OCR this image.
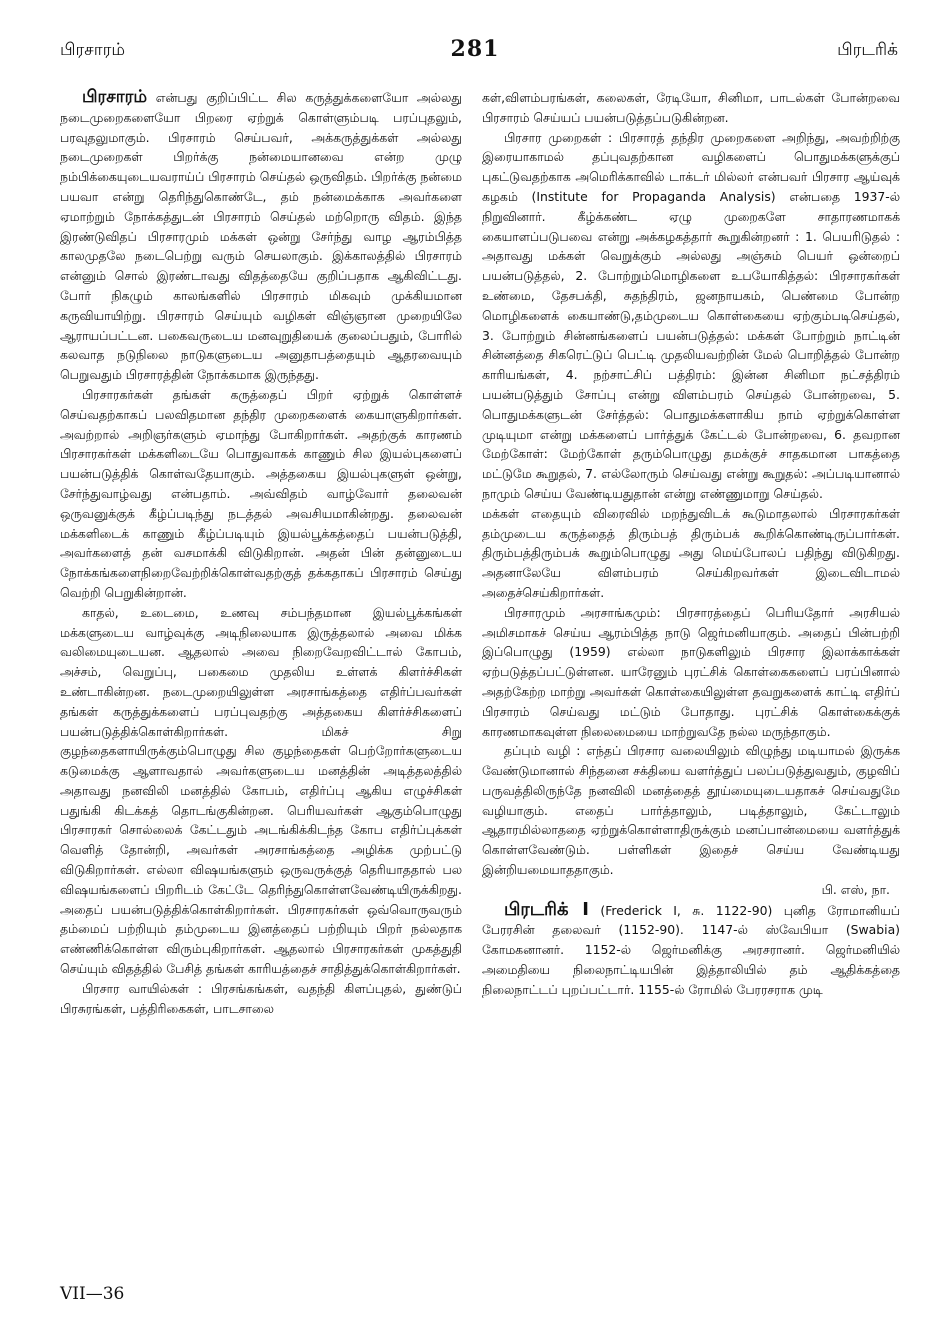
பிரசாரம்	281	பிரடரிக்

பிரசாரம் என்பது குறிப்பிட்ட சில கருத்துக்களையோ அல்லது நடைமுறைகளையோ பிறரை ஏற்றுக் கொள்ளும்படி பரப்புதலும், பரவுதலுமாகும். பிரசாரம் செய்பவர், அக்கருத்துக்கள் அல்லது நடைமுறைகள் பிறர்க்கு நன்மையானவை என்ற முழு நம்பிக்கையுடையவராய்ப் பிரசாரம் செய்தல் ஒருவிதம். பிறர்க்கு நன்மை பயவா என்று தெரிந்துகொண்டே, தம் நன்மைக்காக அவர்களை ஏமாற்றும் நோக்கத்துடன் பிரசாரம் செய்தல் மற்றொரு விதம். இந்த இரண்டுவிதப் பிரசாரமும் மக்கள் ஒன்று சேர்ந்து வாழ ஆரம்பித்த காலமுதலே நடைபெற்று வரும் செயலாகும். இக்காலத்தில் பிரசாரம் என்னும் சொல் இரண்டாவது விதத்தையே குறிப்பதாக ஆகிவிட்டது. போர் நிகழும் காலங்களில் பிரசாரம் மிகவும் முக்கியமான கருவியாயிற்று. பிரசாரம் செய்யும் வழிகள் விஞ்ஞான முறையிலே ஆராயப்பட்டன. பகைவருடைய மனவுறுதியைக் குலைப்பதும், போரில் கலவாத நடுநிலை நாடுகளுடைய அனுதாபத்தையும் ஆதரவையும் பெறுவதும் பிரசாரத்தின் நோக்கமாக இருந்தது.

பிரசாரகர்கள் தங்கள் கருத்தைப் பிறர் ஏற்றுக் கொள்ளச் செய்வதற்காகப் பலவிதமான தந்திர முறைகளைக் கையாளுகிறார்கள். அவற்றால் அறிஞர்களும் ஏமாந்து போகிறார்கள். அதற்குக் காரணம் பிரசாரகர்கள் மக்களிடையே பொதுவாகக் காணும் சில இயல்புகளைப் பயன்படுத்திக் கொள்வதேயாகும். அத்தகைய இயல்புகளுள் ஒன்று, சேர்ந்துவாழ்வது என்பதாம். அவ்விதம் வாழ்வோர் தலைவன் ஒருவனுக்குக் கீழ்ப்படிந்து நடத்தல் அவசியமாகின்றது. தலைவன் மக்களிடைக் காணும் கீழ்ப்படியும் இயல்பூக்கத்தைப் பயன்படுத்தி, அவர்களைத் தன் வசமாக்கி விடுகிறான். அதன் பின் தன்னுடைய நோக்கங்களைநிறைவேற்றிக்கொள்வதற்குத் தக்கதாகப் பிரசாரம் செய்து வெற்றி பெறுகின்றான்.

காதல், உடைமை, உணவு சம்பந்தமான இயல்பூக்கங்கள் மக்களுடைய வாழ்வுக்கு அடிநிலையாக இருத்தலால் அவை மிக்க வலிமையுடையன. ஆதலால் அவை நிறைவேறவிட்டால் கோபம், அச்சம், வெறுப்பு, பகைமை முதலிய உள்ளக் கிளர்ச்சிகள் உண்டாகின்றன. நடைமுறையிலுள்ள அரசாங்கத்தை எதிர்ப்பவர்கள் தங்கள் கருத்துக்களைப் பரப்புவதற்கு அத்தகைய கிளர்ச்சிகளைப் பயன்படுத்திக்கொள்கிறார்கள். மிகச் சிறு குழந்தைகளாயிருக்கும்பொழுது சில குழந்தைகள் பெற்றோர்களுடைய கடுமைக்கு ஆளாவதால் அவர்களுடைய மனத்தின் அடித்தலத்தில் அதாவது நனவிலி மனத்தில் கோபம், எதிர்ப்பு ஆகிய எழுச்சிகள் பதுங்கி கிடக்கத் தொடங்குகின்றன. பெரியவர்கள் ஆகும்பொழுது பிரசாரகர் சொல்லைக் கேட்டதும் அடங்கிக்கிடந்த கோப எதிர்ப்புக்கள் வெளித் தோன்றி, அவர்கள் அரசாங்கத்தை அழிக்க முற்பட்டு விடுகிறார்கள். எல்லா விஷயங்களும் ஒருவருக்குத் தெரியாததால் பல விஷயங்களைப் பிறரிடம் கேட்டே தெரிந்துகொள்ளவேண்டியிருக்கிறது. அதைப் பயன்படுத்திக்கொள்கிறார்கள். பிரசாரகர்கள் ஒவ்வொருவரும் தம்மைப் பற்றியும் தம்முடைய இனத்தைப் பற்றியும் பிறர் நல்லதாக எண்ணிக்கொள்ள விரும்புகிறார்கள். ஆதலால் பிரசாரகர்கள் முகத்துதி செய்யும் விதத்தில் பேசித் தங்கள் காரியத்தைச் சாதித்துக்கொள்கிறார்கள்.

பிரசார வாயில்கள் : பிரசங்கங்கள், வதந்தி கிளப்புதல், துண்டுப் பிரசுரங்கள், பத்திரிகைகள், பாடசாலை

கள்,விளம்பரங்கள், கலைகள், ரேடியோ, சினிமா, பாடல்கள் போன்றவை பிரசாரம் செய்யப் பயன்படுத்தப்படுகின்றன.

பிரசார முறைகள் : பிரசாரத் தந்திர முறைகளை அறிந்து, அவற்றிற்கு இரையாகாமல் தப்புவதற்கான வழிகளைப் பொதுமக்களுக்குப் புகட்டுவதற்காக அமெரிக்காவில் டாக்டர் மில்லர் என்பவர் பிரசார ஆய்வுக் கழகம் (Institute for Propaganda Analysis) என்பதை 1937-ல் நிறுவினார். கீழ்க்கண்ட ஏழு முறைகளே சாதாரணமாகக் கையாளப்படுபவை என்று அக்கழகத்தார் கூறுகின்றனர் : 1. பெயரிடுதல் : அதாவது மக்கள் வெறுக்கும் அல்லது அஞ்சும் பெயர் ஒன்றைப் பயன்படுத்தல், 2. போற்றும்மொழிகளை உபயோகித்தல்: பிரசாரகர்கள் உண்மை, தேசபக்தி, சுதந்திரம், ஜனநாயகம், பெண்மை போன்ற மொழிகளைக் கையாண்டு,தம்முடைய கொள்கையை ஏற்கும்படிசெய்தல், 3. போற்றும் சின்னங்களைப் பயன்படுத்தல்: மக்கள் போற்றும் நாட்டின் சின்னத்தை சிகரெட்டுப் பெட்டி முதலியவற்றின் மேல் பொறித்தல் போன்ற காரியங்கள், 4. நற்சாட்சிப் பத்திரம்: இன்ன சினிமா நட்சத்திரம் பயன்படுத்தும் சோப்பு என்று விளம்பரம் செய்தல் போன்றவை, 5. பொதுமக்களுடன் சேர்த்தல்: பொதுமக்களாகிய நாம் ஏற்றுக்கொள்ள முடியுமா என்று மக்களைப் பார்த்துக் கேட்டல் போன்றவை, 6. தவறான மேற்கோள்: மேற்கோள் தரும்பொழுது தமக்குச் சாதகமான பாகத்தை மட்டுமே கூறுதல், 7. எல்லோரும் செய்வது என்று கூறுதல்: அப்படியானால் நாமும் செய்ய வேண்டியதுதான் என்று எண்ணுமாறு செய்தல்.

மக்கள் எதையும் விரைவில் மறந்துவிடக் கூடுமாதலால் பிரசாரகர்கள் தம்முடைய கருத்தைத் திரும்பத் திரும்பக் கூறிக்கொண்டிருப்பார்கள். திரும்பத்திரும்பக் கூறும்பொழுது அது மெய்போலப் பதிந்து விடுகிறது. அதனாலேயே விளம்பரம் செய்கிறவர்கள் இடைவிடாமல் அதைச்செய்கிறார்கள்.

பிரசாரமும் அரசாங்கமும்: பிரசாரத்தைப் பெரியதோர் அரசியல் அமிசமாகச் செய்ய ஆரம்பித்த நாடு ஜெர்மனியாகும். அதைப் பின்பற்றி இப்பொழுது (1959) எல்லா நாடுகளிலும் பிரசார இலாக்காக்கள் ஏற்படுத்தப்பட்டுள்ளன. யாரேனும் புரட்சிக் கொள்கைகளைப் பரப்பினால் அதற்கேற்ற மாற்று அவர்கள் கொள்கையிலுள்ள தவறுகளைக் காட்டி எதிர்ப் பிரசாரம் செய்வது மட்டும் போதாது. புரட்சிக் கொள்கைக்குக் காரணமாகவுள்ள நிலைமையை மாற்றுவதே நல்ல மருந்தாகும்.

தப்பும் வழி : எந்தப் பிரசார வலையிலும் விழுந்து மடியாமல் இருக்க வேண்டுமானால் சிந்தனை சக்தியை வளர்த்துப் பலப்படுத்துவதும், குழவிப் பருவத்திலிருந்தே நனவிலி மனத்தைத் தூய்மையுடையதாகச் செய்வதுமே வழியாகும். எதைப் பார்த்தாலும், படித்தாலும், கேட்டாலும் ஆதாரமில்லாததை ஏற்றுக்கொள்ளாதிருக்கும் மனப்பான்மையை வளர்த்துக் கொள்ளவேண்டும். பள்ளிகள் இதைச் செய்ய வேண்டியது இன்றியமையாததாகும்.
பி. எஸ், நா.

பிரடரிக் I (Frederick I, சு. 1122-90) புனித ரோமானியப் பேரரசின் தலைவர் (1152-90). 1147-ல் ஸ்வேபியா (Swabia) கோமகனானர். 1152-ல் ஜெர்மனிக்கு அரசரானர். ஜெர்மனியில் அமைதியை நிலைநாட்டியபின் இத்தாலியில் தம் ஆதிக்கத்தை நிலைநாட்டப் புறப்பட்டார். 1155-ல் ரோமில் பேரரசராக முடி

VII—36
